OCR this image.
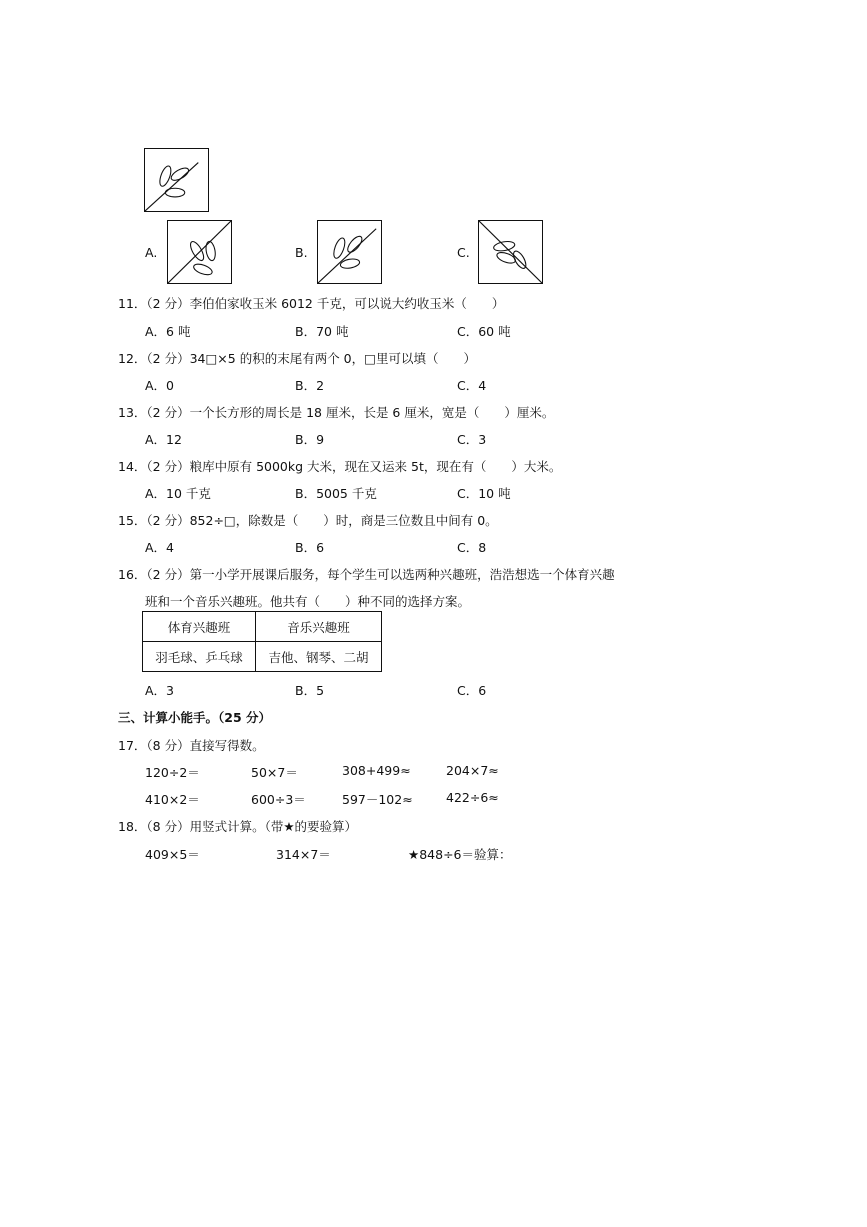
A.	B.	C.
11．（2 分）李伯伯家收玉米 6012 千克，可以说大约收玉米（　　）
A．6 吨	B．70 吨	C．60 吨
12．（2 分）34□×5 的积的末尾有两个 0，□里可以填（　　）
A．0	B．2	C．4
13．（2 分）一个长方形的周长是 18 厘米，长是 6 厘米，宽是（　　）厘米。
A．12	B．9	C．3
14．（2 分）粮库中原有 5000kg 大米，现在又运来 5t，现在有（　　）大米。
A．10 千克	B．5005 千克	C．10 吨
15．（2 分）852÷□，除数是（　　）时，商是三位数且中间有 0。
A．4	B．6	C．8
16．（2 分）第一小学开展课后服务，每个学生可以选两种兴趣班，浩浩想选一个体育兴趣
班和一个音乐兴趣班。他共有（　　）种不同的选择方案。
体育兴趣班	音乐兴趣班
羽毛球、乒乓球	吉他、钢琴、二胡
A．3	B．5	C．6
三、计算小能手。（25 分）
17．（8 分）直接写得数。
120÷2＝	50×7＝	308+499≈	204×7≈
410×2＝	600÷3＝	597－102≈	422÷6≈
18．（8 分）用竖式计算。（带★的要验算）
409×5＝	314×7＝	★848÷6＝验算：
